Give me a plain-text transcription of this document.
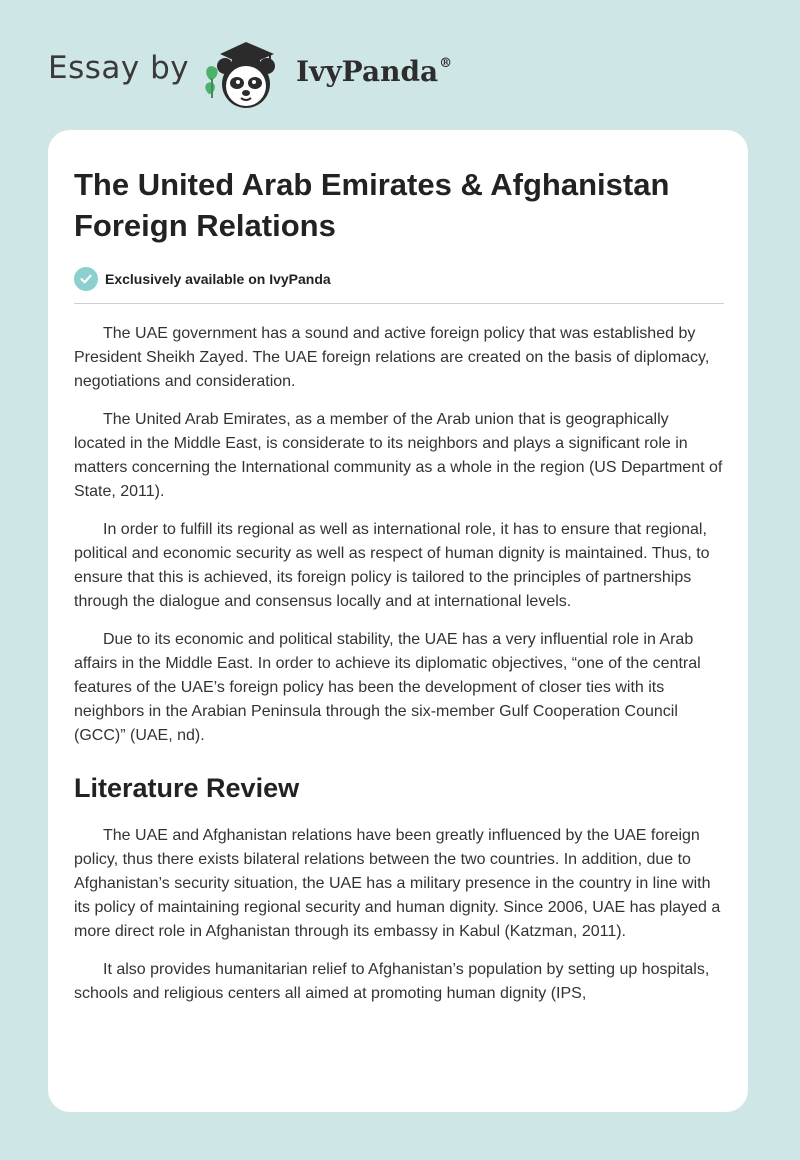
Essay by	IvyPanda®
The United Arab Emirates & Afghanistan Foreign Relations
Exclusively available on IvyPanda

The UAE government has a sound and active foreign policy that was established by President Sheikh Zayed. The UAE foreign relations are created on the basis of diplomacy, negotiations and consideration.

The United Arab Emirates, as a member of the Arab union that is geographically located in the Middle East, is considerate to its neighbors and plays a significant role in matters concerning the International community as a whole in the region (US Department of State, 2011).

In order to fulfill its regional as well as international role, it has to ensure that regional, political and economic security as well as respect of human dignity is maintained. Thus, to ensure that this is achieved, its foreign policy is tailored to the principles of partnerships through the dialogue and consensus locally and at international levels.

Due to its economic and political stability, the UAE has a very influential role in Arab affairs in the Middle East. In order to achieve its diplomatic objectives, “one of the central features of the UAE’s foreign policy has been the development of closer ties with its neighbors in the Arabian Peninsula through the six-member Gulf Cooperation Council (GCC)” (UAE, nd).

Literature Review

The UAE and Afghanistan relations have been greatly influenced by the UAE foreign policy, thus there exists bilateral relations between the two countries. In addition, due to Afghanistan’s security situation, the UAE has a military presence in the country in line with its policy of maintaining regional security and human dignity. Since 2006, UAE has played a more direct role in Afghanistan through its embassy in Kabul (Katzman, 2011).

It also provides humanitarian relief to Afghanistan’s population by setting up hospitals, schools and religious centers all aimed at promoting human dignity (IPS,
